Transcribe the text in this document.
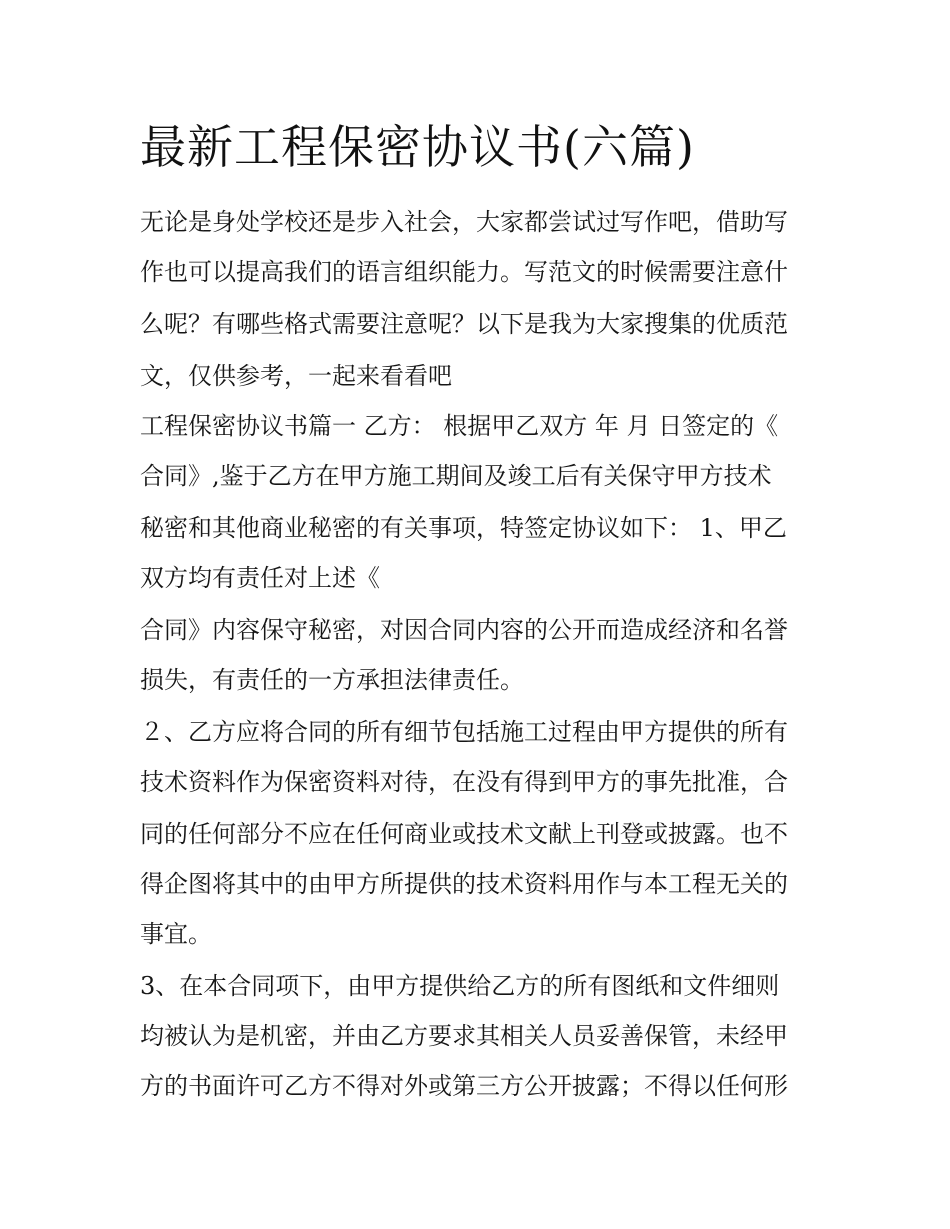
最新工程保密协议书(六篇)
无论是身处学校还是步入社会，大家都尝试过写作吧，借助写
作也可以提高我们的语言组织能力。写范文的时候需要注意什
么呢？有哪些格式需要注意呢？以下是我为大家搜集的优质范
文，仅供参考，一起来看看吧
工程保密协议书篇一 乙方： 根据甲乙双方 年 月 日签定的《
合同》,鉴于乙方在甲方施工期间及竣工后有关保守甲方技术
秘密和其他商业秘密的有关事项，特签定协议如下： 1、甲乙
双方均有责任对上述《
合同》内容保守秘密，对因合同内容的公开而造成经济和名誉
损失，有责任的一方承担法律责任。
２、乙方应将合同的所有细节包括施工过程由甲方提供的所有
技术资料作为保密资料对待，在没有得到甲方的事先批准，合
同的任何部分不应在任何商业或技术文献上刊登或披露。也不
得企图将其中的由甲方所提供的技术资料用作与本工程无关的
事宜。
3、在本合同项下，由甲方提供给乙方的所有图纸和文件细则
均被认为是机密，并由乙方要求其相关人员妥善保管，未经甲
方的书面许可乙方不得对外或第三方公开披露；不得以任何形
